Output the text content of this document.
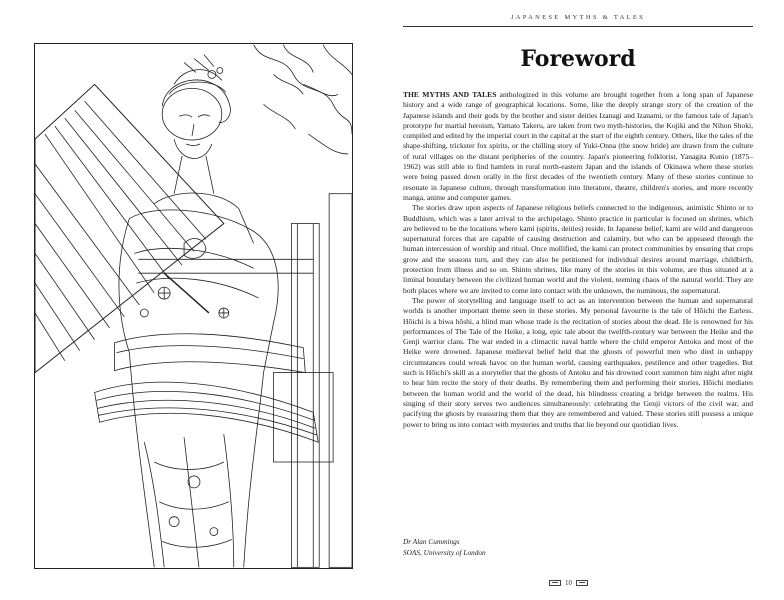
JAPANESE MYTHS & TALES
Foreword

THE MYTHS AND TALES anthologized in this volume are brought together from a long span of Japanese history and a wide range of geographical locations. Some, like the deeply strange story of the creation of the Japanese islands and their gods by the brother and sister deities Izanagi and Izanami, or the famous tale of Japan's prototype for martial heroism, Yamato Takeru, are taken from two myth-histories, the Kojiki and the Nihon Shoki, compiled and edited by the imperial court in the capital at the start of the eighth century. Others, like the tales of the shape-shifting, trickster fox spirits, or the chilling story of Yuki-Onna (the snow bride) are drawn from the culture of rural villages on the distant peripheries of the country. Japan's pioneering folklorist, Yanagita Kunio (1875–1962) was still able to find hamlets in rural north-eastern Japan and the islands of Okinawa where these stories were being passed down orally in the first decades of the twentieth century. Many of these stories continue to resonate in Japanese culture, through transformation into literature, theatre, children's stories, and more recently manga, anime and computer games.

The stories draw upon aspects of Japanese religious beliefs connected to the indigenous, animistic Shinto or to Buddhism, which was a later arrival to the archipelago. Shinto practice in particular is focused on shrines, which are believed to be the locations where kami (spirits, deities) reside. In Japanese belief, kami are wild and dangerous supernatural forces that are capable of causing destruction and calamity, but who can be appeased through the human intercession of worship and ritual. Once mollified, the kami can protect communities by ensuring that crops grow and the seasons turn, and they can also be petitioned for individual desires around marriage, childbirth, protection from illness and so on. Shinto shrines, like many of the stories in this volume, are thus situated at a liminal boundary between the civilized human world and the violent, teeming chaos of the natural world. They are both places where we are invited to come into contact with the unknown, the numinous, the supernatural.

The power of storytelling and language itself to act as an intervention between the human and supernatural worlds is another important theme seen in these stories. My personal favourite is the tale of Hōichi the Earless. Hōichi is a biwa hōshi, a blind man whose trade is the recitation of stories about the dead. He is renowned for his performances of The Tale of the Heike, a long, epic tale about the twelfth-century war between the Heike and the Genji warrior clans. The war ended in a climactic naval battle where the child emperor Antoku and most of the Heike were drowned. Japanese medieval belief held that the ghosts of powerful men who died in unhappy circumstances could wreak havoc on the human world, causing earthquakes, pestilence and other tragedies. But such is Hōichi's skill as a storyteller that the ghosts of Antoku and his drowned court summon him night after night to hear him recite the story of their deaths. By remembering them and performing their stories, Hōichi mediates between the human world and the world of the dead, his blindness creating a bridge between the realms. His singing of their story serves two audiences simultaneously: celebrating the Genji victors of the civil war, and pacifying the ghosts by reassuring them that they are remembered and valued. These stories still possess a unique power to bring us into contact with mysteries and truths that lie beyond our quotidian lives.

Dr Alan Cummings
SOAS, University of London
10
